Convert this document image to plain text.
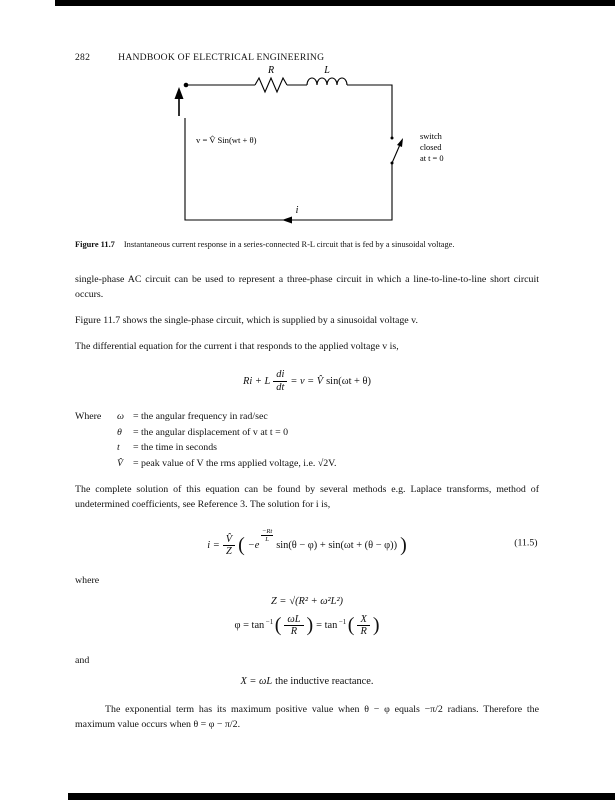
282	HANDBOOK OF ELECTRICAL ENGINEERING
R	L
v = V̂ Sin(wt + θ)
i
switch
closed
at t = 0
Figure 11.7 Instantaneous current response in a series-connected R-L circuit that is fed by a sinusoidal voltage.

single-phase AC circuit can be used to represent a three-phase circuit in which a line-to-line-to-line short circuit occurs.

Figure 11.7 shows the single-phase circuit, which is supplied by a sinusoidal voltage v.

The differential equation for the current i that responds to the applied voltage v is,

Ri + L $\frac{di}{dt} = v$ = V̂ sin(ωt + θ)
Where	ω = the angular frequency in rad/sec
θ	= the angular displacement of v at t = 0
t	= the time in seconds
V̂	= peak value of V the rms applied voltage, i.e. √2V.

The complete solution of this equation can be found by several methods e.g. Laplace transforms, method of undetermined coefficients, see Reference 3. The solution for i is,

$i = \frac{V̂}{Z}$ ( −e
$\frac{-Rt}{L}$
sin(θ − φ) + sin(ωt + (θ − φ)) )	(11.5)

where

Z = √(R² + ω²L²)
$\varphi = \tan ^{-1}( \frac{\omega L}{R}$ ) = $\tan ^{-1}( \frac{X}{R}$ )

and

X = ωL the inductive reactance.

The exponential term has its maximum positive value when θ − φ equals −π/2 radians. Therefore the maximum value occurs when θ = φ − π/2.
